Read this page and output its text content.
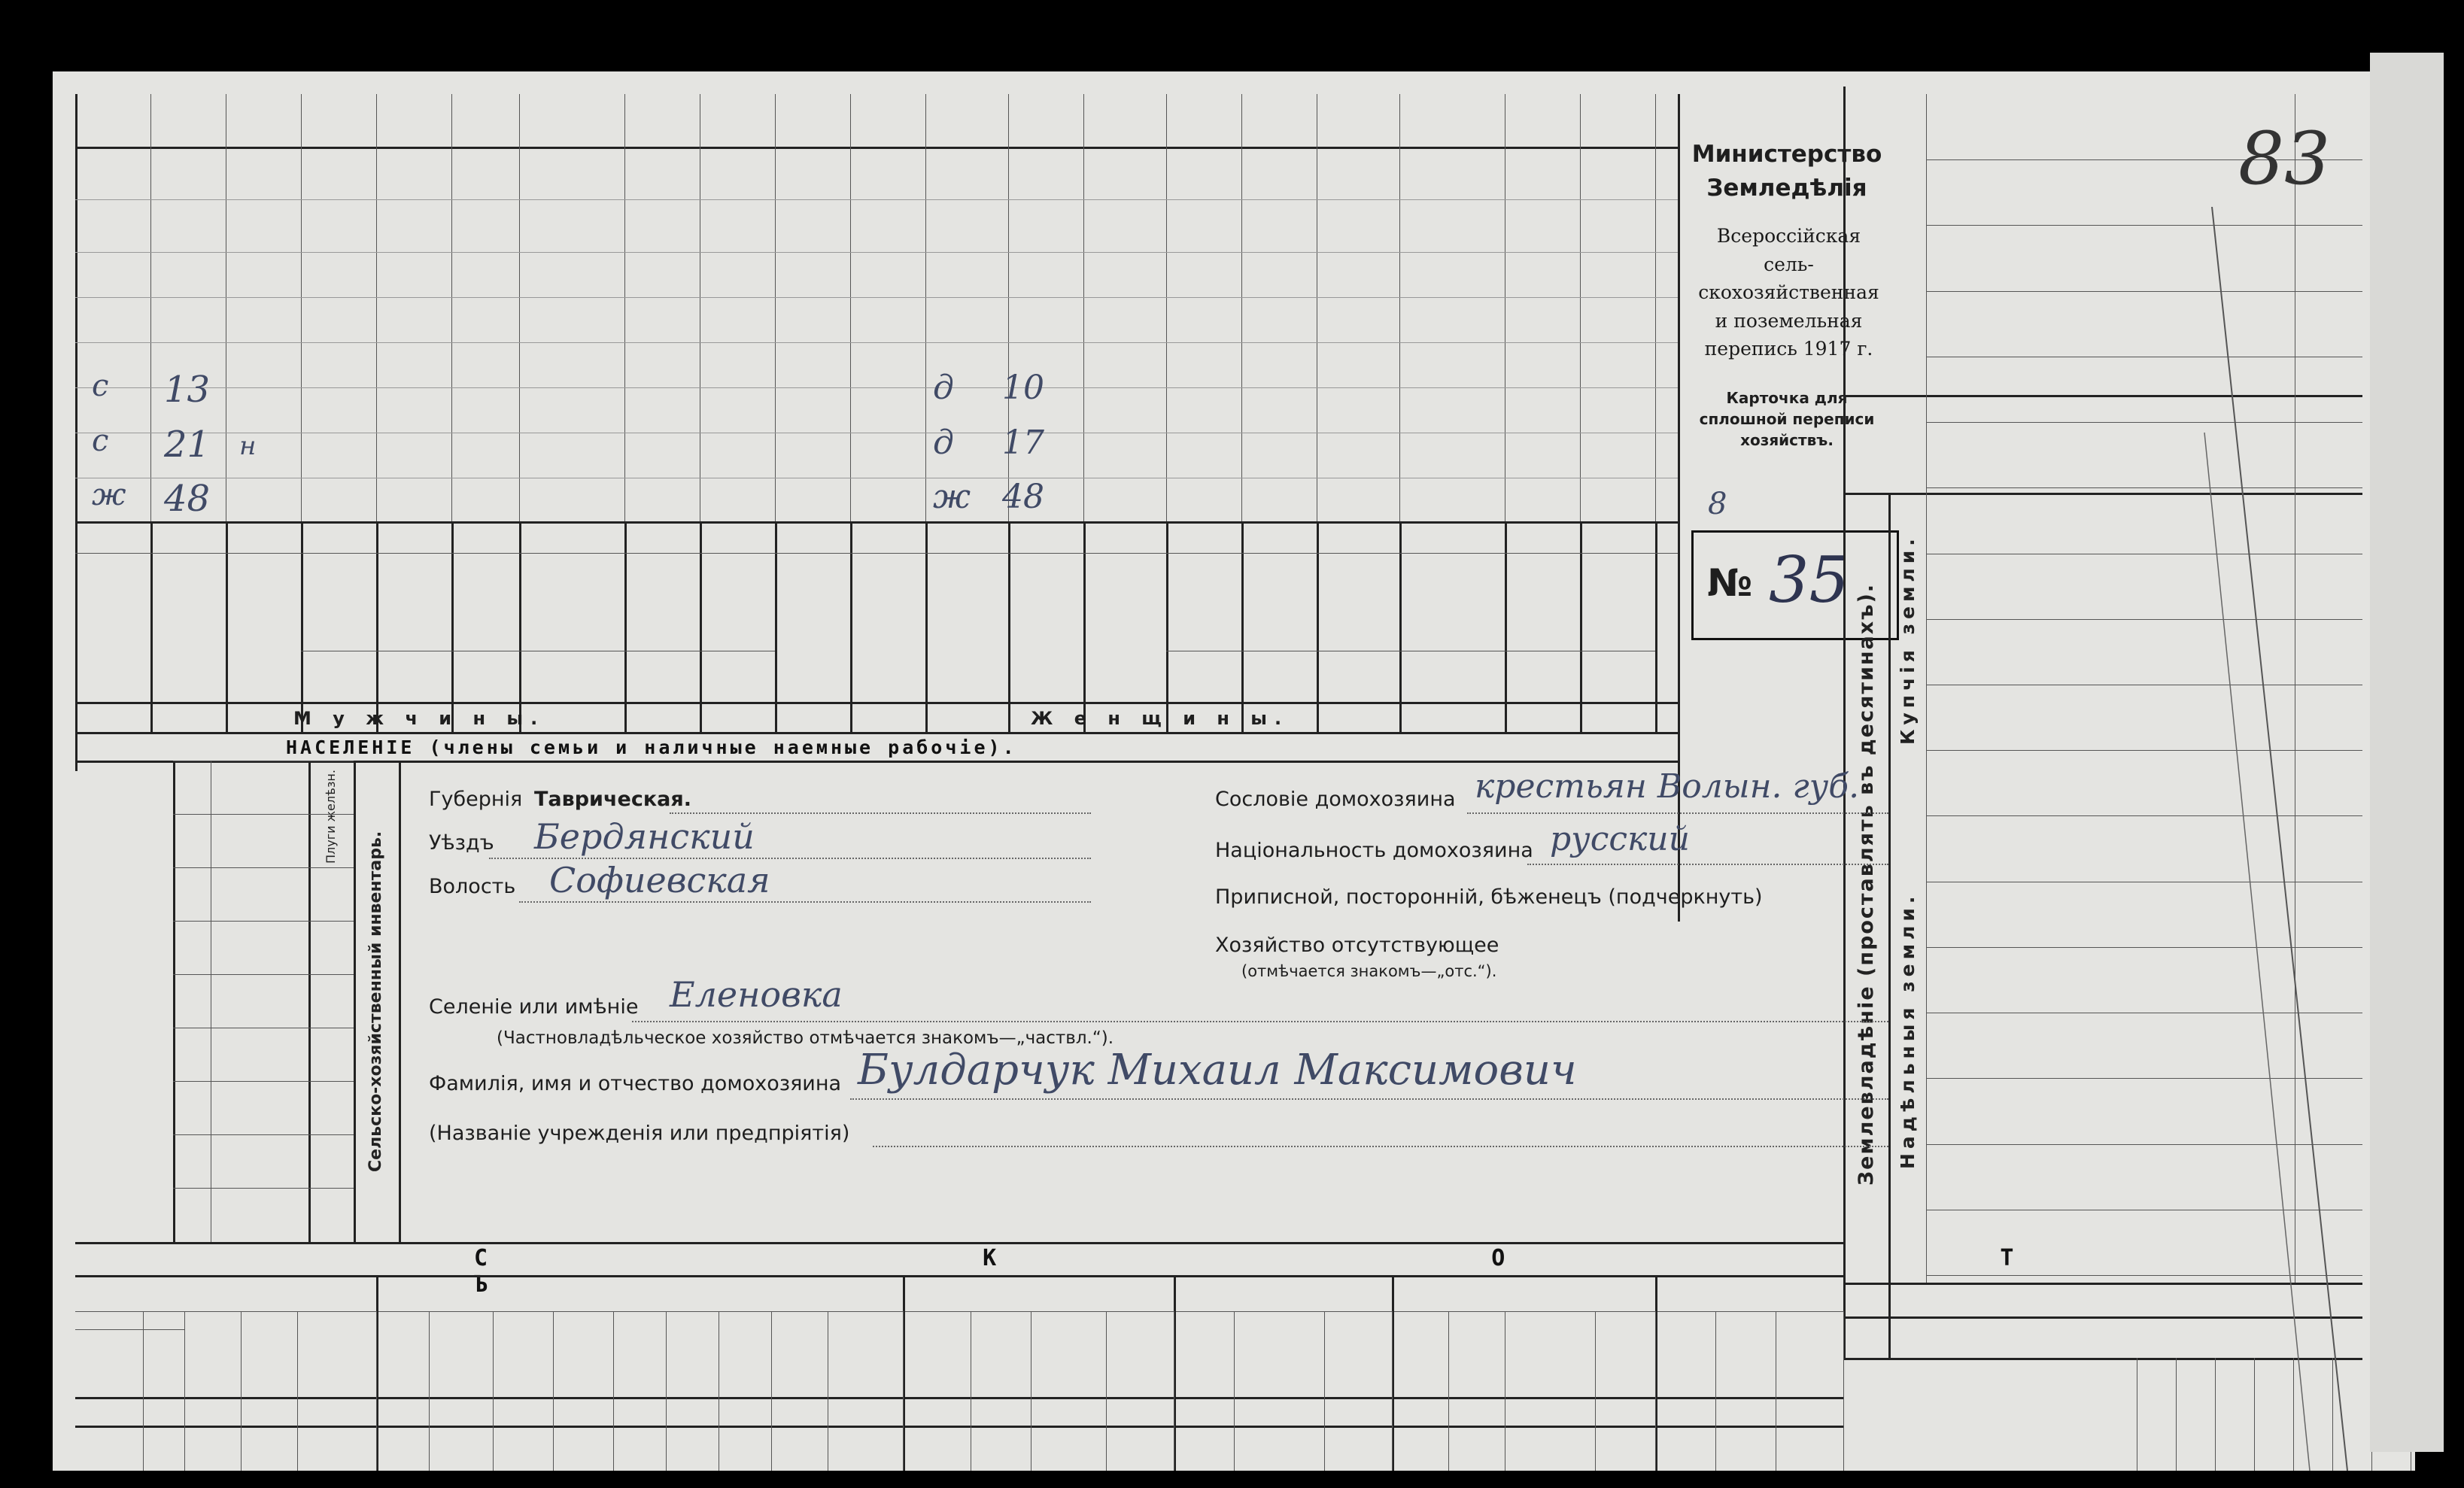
с
с
ж
13
21
48
н
д
д
ж
10
17
48
М у ж ч и н ы.	Ж е н щ и н ы.
НАСЕЛЕНІЕ (члены семьи и наличные наемные рабочіе).
Министерство
Земледѣлія
Всероссійская сель-скохозяйственная и поземельная перепись 1917 г.
Карточка для сплошной переписи хозяйствъ.
8
№ 35
Землевладѣніе (проставлять въ десятинахъ).	Надѣльныя земли.
Купчія земли.
Плуги желѣзн.
Сельско-хозяйственный инвентарь.
Губернія Таврическая.
Уѣздъ Бердянский
Волость Софиевская
Сословіе домохозяина крестьян Волын. губ.
Національность домохозяина русский
Приписной, посторонній, бѣженецъ (подчеркнуть)
Хозяйство отсутствующее
(отмѣчается знакомъ—„отс.“).
Селеніе или имѣніе Еленовка
(Частновладѣльческое хозяйство отмѣчается знакомъ—„частвл.“).
Фамилія, имя и отчество домохозяина Булдарчук Михаил Максимович
(Названіе учрежденія или предпріятія)
С К О Т Ъ
83
